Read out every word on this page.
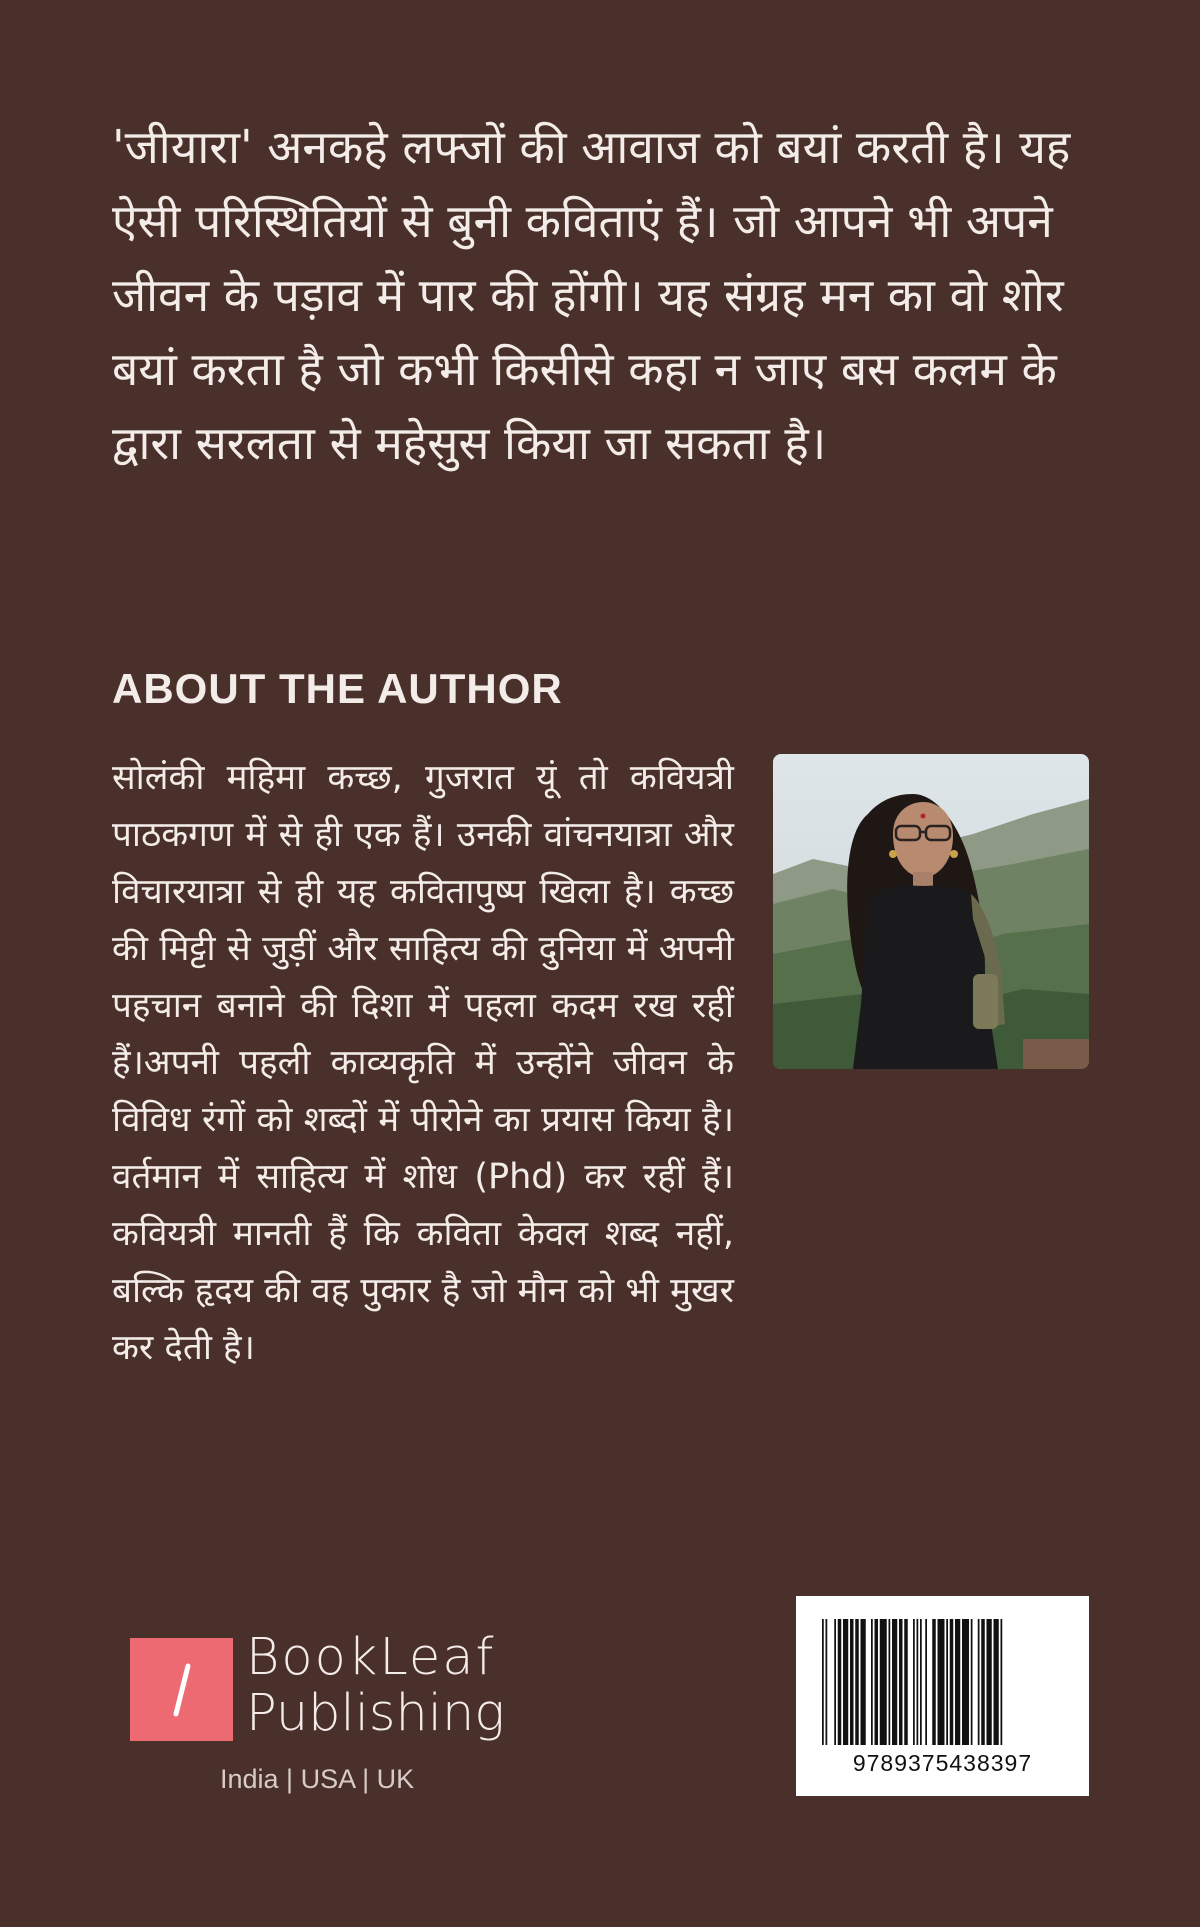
'जीयारा' अनकहे लफ्जों की आवाज को बयां करती है। यह ऐसी परिस्थितियों से बुनी कविताएं हैं। जो आपने भी अपने जीवन के पड़ाव में पार की होंगी। यह संग्रह मन का वो शोर बयां करता है जो कभी किसीसे कहा न जाए बस कलम के द्वारा सरलता से महेसुस किया जा सकता है।

ABOUT THE AUTHOR

सोलंकी महिमा कच्छ, गुजरात यूं तो कवियत्री पाठकगण में से ही एक हैं। उनकी वांचनयात्रा और विचारयात्रा से ही यह कवितापुष्प खिला है। कच्छ की मिट्टी से जुड़ीं और साहित्य की दुनिया में अपनी पहचान बनाने की दिशा में पहला कदम रख रहीं हैं।अपनी पहली काव्यकृति में उन्होंने जीवन के विविध रंगों को शब्दों में पीरोने का प्रयास किया है।वर्तमान में साहित्य में शोध (Phd) कर रहीं हैं।कवियत्री मानती हैं कि कविता केवल शब्द नहीं, बल्कि हृदय की वह पुकार है जो मौन को भी मुखर कर देती है।

BookLeaf
Publishing
India | USA | UK
9789375438397
